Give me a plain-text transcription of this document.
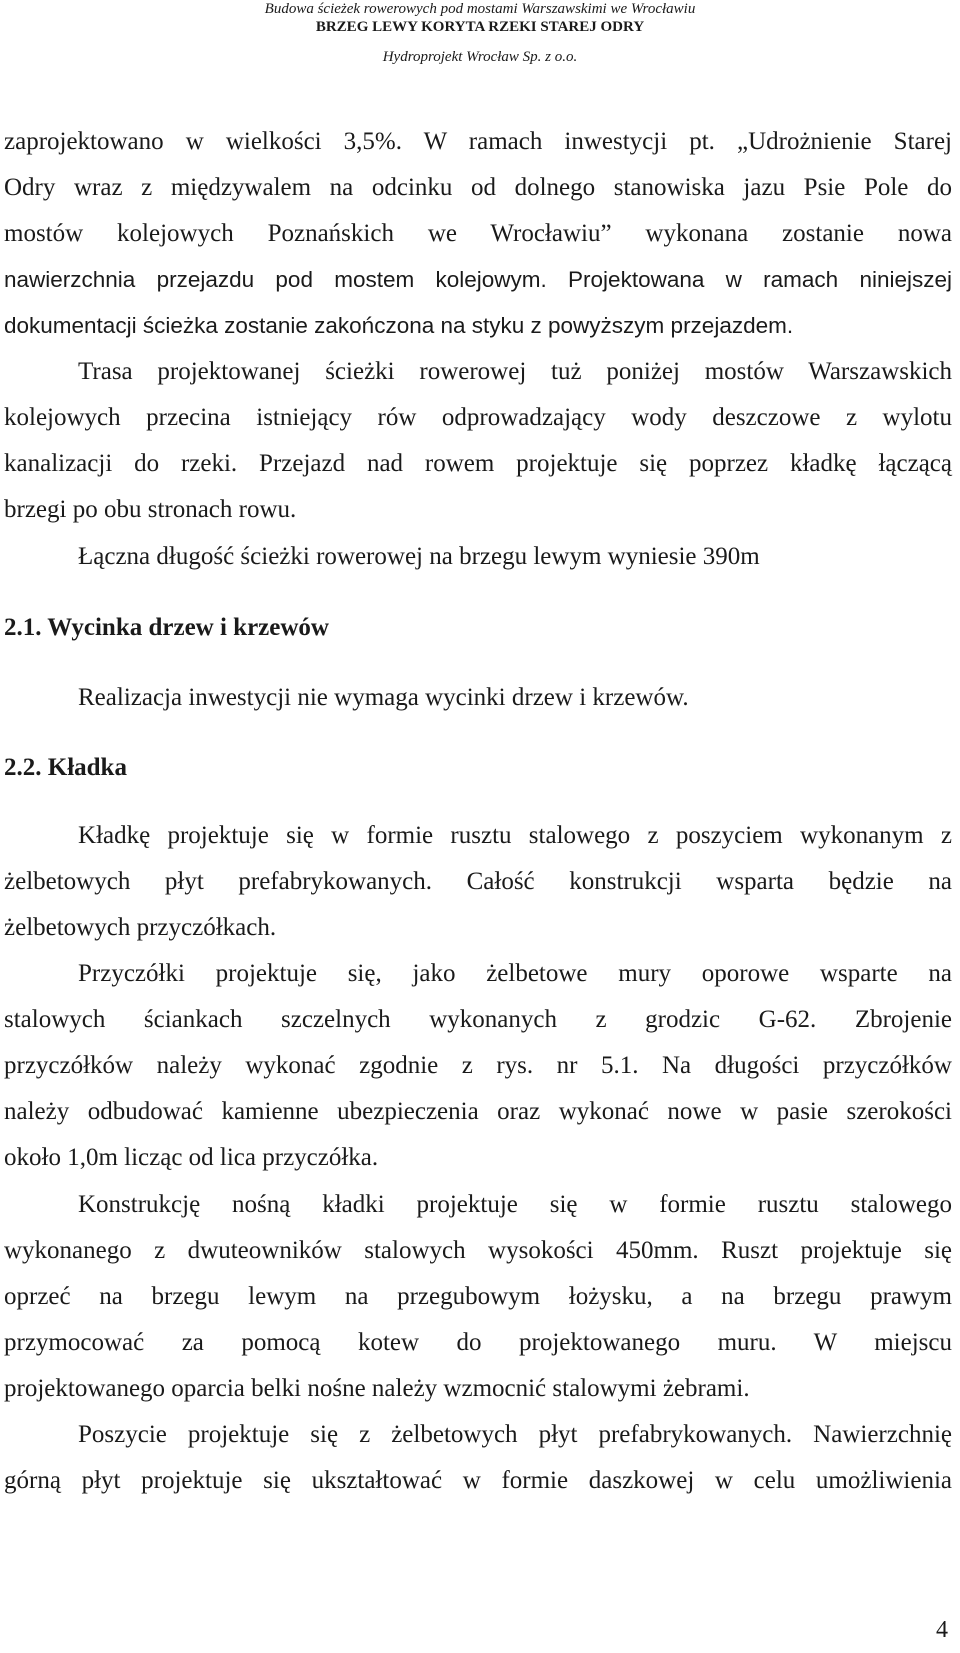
Budowa ścieżek rowerowych pod mostami Warszawskimi we Wrocławiu
BRZEG LEWY KORYTA RZEKI STAREJ ODRY
Hydroprojekt Wrocław Sp. z o.o.
zaprojektowano w wielkości 3,5%. W ramach inwestycji pt. „Udrożnienie Starej
Odry wraz z międzywalem na odcinku od dolnego stanowiska jazu Psie Pole do
mostów kolejowych Poznańskich we Wrocławiu” wykonana zostanie nowa
nawierzchnia przejazdu pod mostem kolejowym. Projektowana w ramach niniejszej
dokumentacji ścieżka zostanie zakończona na styku z powyższym przejazdem.
Trasa projektowanej ścieżki rowerowej tuż poniżej mostów Warszawskich
kolejowych przecina istniejący rów odprowadzający wody deszczowe z wylotu
kanalizacji do rzeki. Przejazd nad rowem projektuje się poprzez kładkę łączącą
brzegi po obu stronach rowu.
Łączna długość ścieżki rowerowej na brzegu lewym wyniesie 390m
2.1. Wycinka drzew i krzewów
Realizacja inwestycji nie wymaga wycinki drzew i krzewów.
2.2. Kładka
Kładkę projektuje się w formie rusztu stalowego z poszyciem wykonanym z
żelbetowych płyt prefabrykowanych. Całość konstrukcji wsparta będzie na
żelbetowych przyczółkach.
Przyczółki projektuje się, jako żelbetowe mury oporowe wsparte na
stalowych ściankach szczelnych wykonanych z grodzic G-62. Zbrojenie
przyczółków należy wykonać zgodnie z rys. nr 5.1. Na długości przyczółków
należy odbudować kamienne ubezpieczenia oraz wykonać nowe w pasie szerokości
około 1,0m licząc od lica przyczółka.
Konstrukcję nośną kładki projektuje się w formie rusztu stalowego
wykonanego z dwuteowników stalowych wysokości 450mm. Ruszt projektuje się
oprzeć na brzegu lewym na przegubowym łożysku, a na brzegu prawym
przymocować za pomocą kotew do projektowanego muru. W miejscu
projektowanego oparcia belki nośne należy wzmocnić stalowymi żebrami.
Poszycie projektuje się z żelbetowych płyt prefabrykowanych. Nawierzchnię
górną płyt projektuje się ukształtować w formie daszkowej w celu umożliwienia
4
